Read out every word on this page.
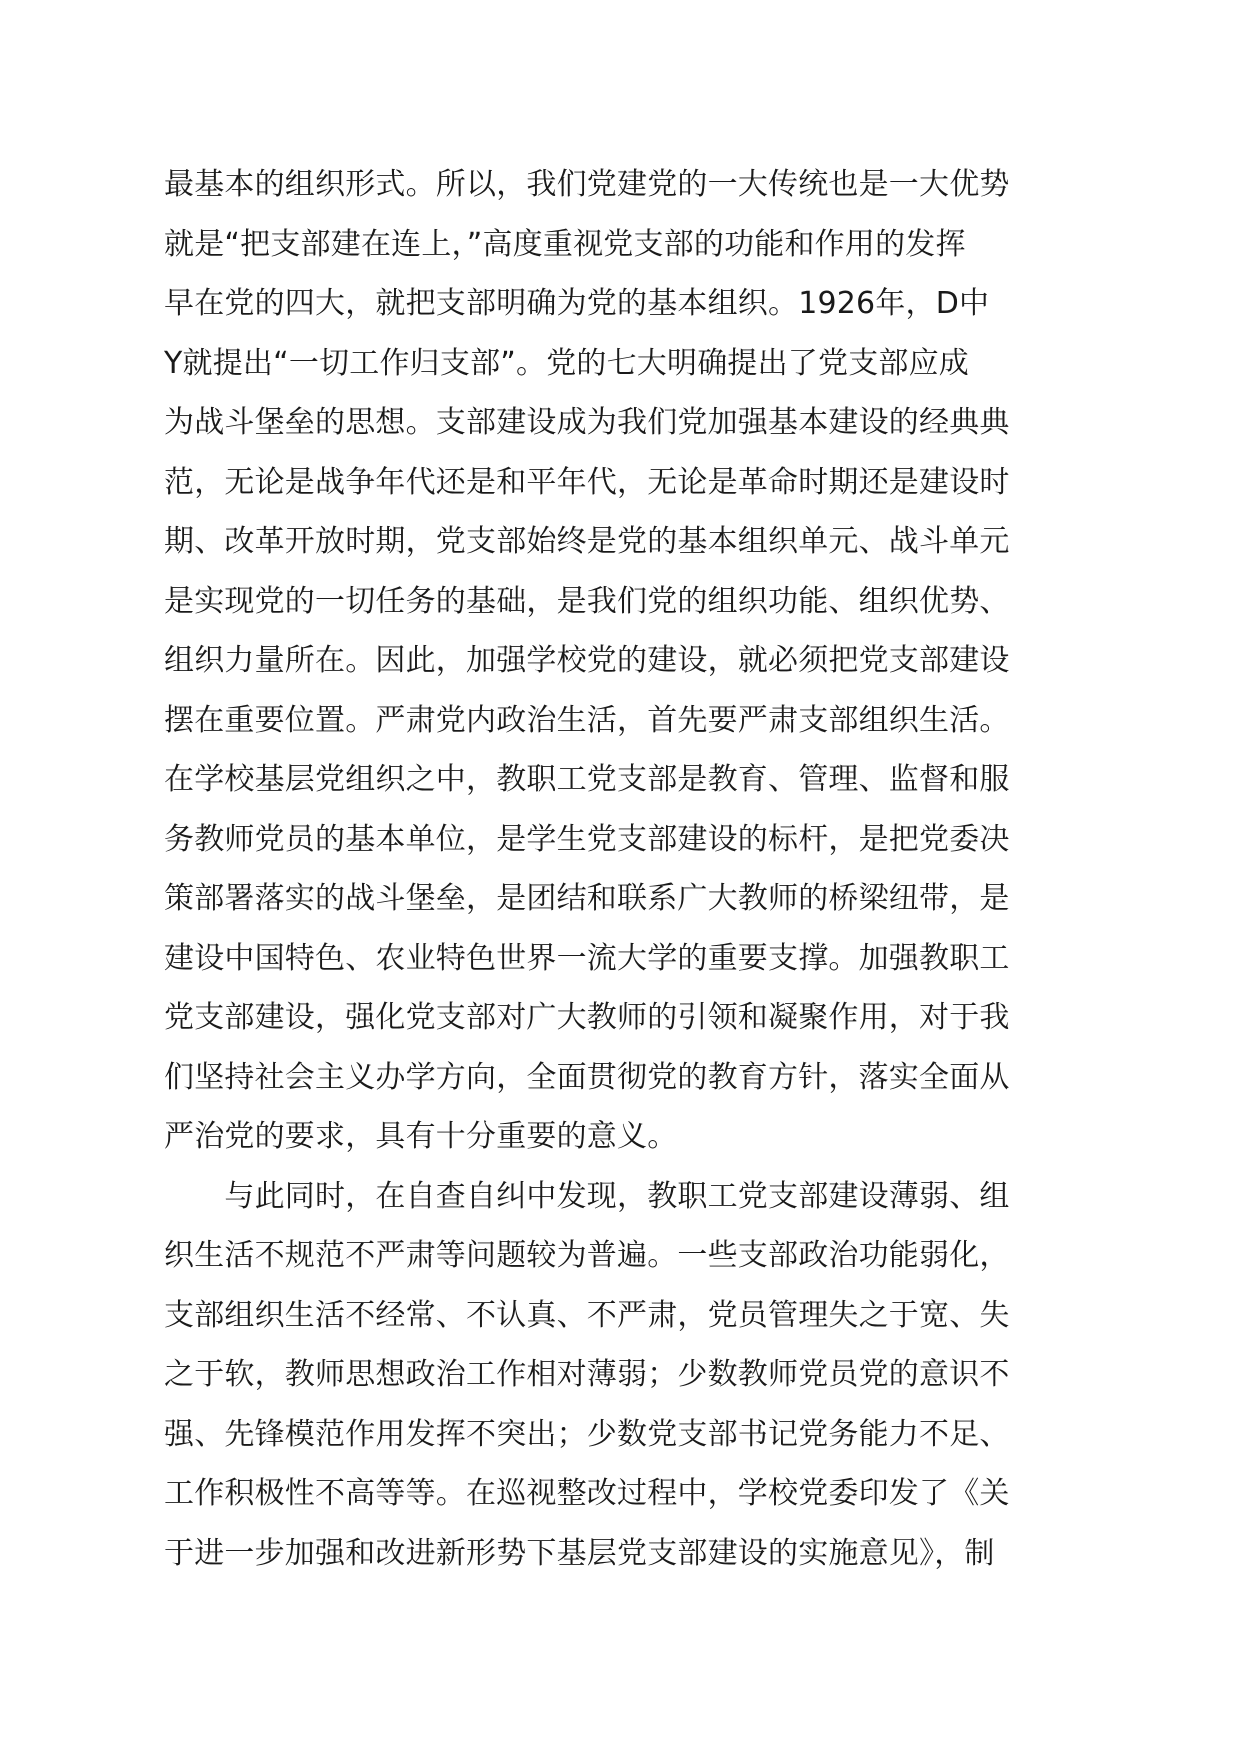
最基本的组织形式。所以，我们党建党的一大传统也是一大优势
就是“把支部建在连上，”高度重视党支部的功能和作用的发挥
早在党的四大，就把支部明确为党的基本组织。1926年，D中
Y就提出“一切工作归支部”。党的七大明确提出了党支部应成
为战斗堡垒的思想。支部建设成为我们党加强基本建设的经典典
范，无论是战争年代还是和平年代，无论是革命时期还是建设时
期、改革开放时期，党支部始终是党的基本组织单元、战斗单元
是实现党的一切任务的基础，是我们党的组织功能、组织优势、
组织力量所在。因此，加强学校党的建设，就必须把党支部建设
摆在重要位置。严肃党内政治生活，首先要严肃支部组织生活。
在学校基层党组织之中，教职工党支部是教育、管理、监督和服
务教师党员的基本单位，是学生党支部建设的标杆，是把党委决
策部署落实的战斗堡垒，是团结和联系广大教师的桥梁纽带，是
建设中国特色、农业特色世界一流大学的重要支撑。加强教职工
党支部建设，强化党支部对广大教师的引领和凝聚作用，对于我
们坚持社会主义办学方向，全面贯彻党的教育方针，落实全面从
严治党的要求，具有十分重要的意义。
　　与此同时，在自查自纠中发现，教职工党支部建设薄弱、组
织生活不规范不严肃等问题较为普遍。一些支部政治功能弱化，
支部组织生活不经常、不认真、不严肃，党员管理失之于宽、失
之于软，教师思想政治工作相对薄弱；少数教师党员党的意识不
强、先锋模范作用发挥不突出；少数党支部书记党务能力不足、
工作积极性不高等等。在巡视整改过程中，学校党委印发了《关
于进一步加强和改进新形势下基层党支部建设的实施意见》，制
